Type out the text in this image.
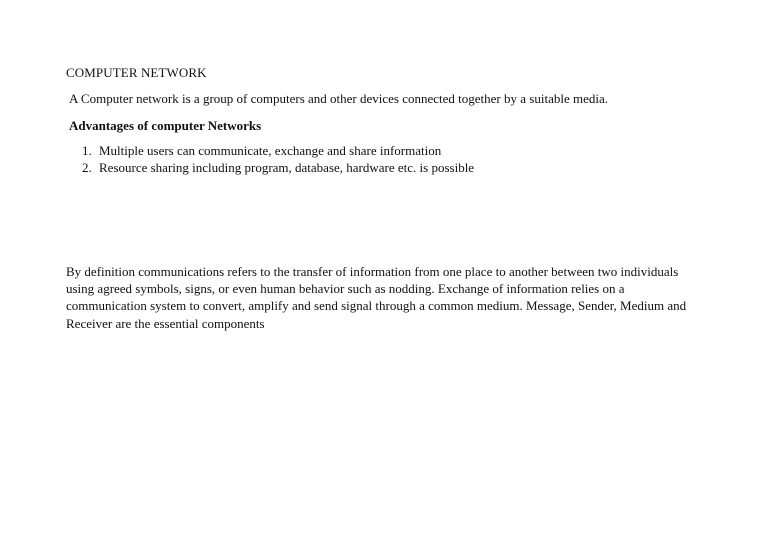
COMPUTER NETWORK

A Computer network is a group of computers and other devices connected together by a suitable media.

Advantages of computer Networks

1. Multiple users can communicate, exchange and share information
2. Resource sharing including program, database, hardware etc. is possible

By definition communications refers to the transfer of information from one place to another between two individuals using agreed symbols, signs, or even human behavior such as nodding. Exchange of information relies on a communication system to convert, amplify and send signal through a common medium. Message, Sender, Medium and Receiver are the essential components
